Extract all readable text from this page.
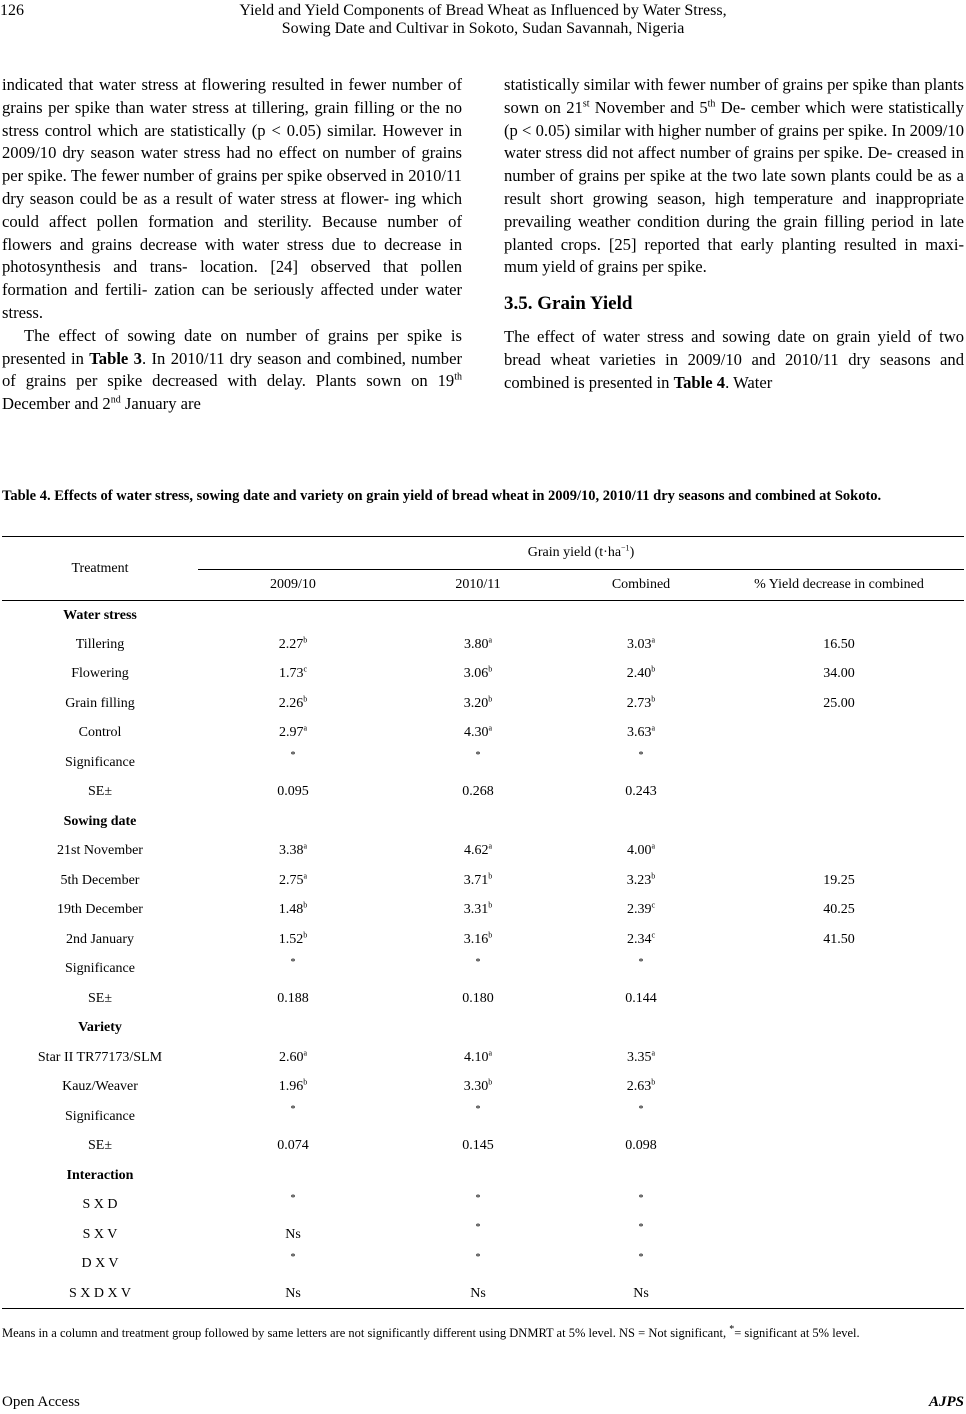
126	Yield and Yield Components of Bread Wheat as Influenced by Water Stress,
Sowing Date and Cultivar in Sokoto, Sudan Savannah, Nigeria

indicated that water stress at flowering resulted in fewer number of grains per spike than water stress at tillering, grain filling or the no stress control which are statistically (p < 0.05) similar. However in 2009/10 dry season water stress had no effect on number of grains per spike. The fewer number of grains per spike observed in 2010/11 dry season could be as a result of water stress at flower- ing which could affect pollen formation and sterility. Because number of flowers and grains decrease with water stress due to decrease in photosynthesis and trans- location. [24] observed that pollen formation and fertili- zation can be seriously affected under water stress.

The effect of sowing date on number of grains per spike is presented in Table 3. In 2010/11 dry season and combined, number of grains per spike decreased with delay. Plants sown on 19th December and 2nd January are

statistically similar with fewer number of grains per spike than plants sown on 21st November and 5th De- cember which were statistically (p < 0.05) similar with higher number of grains per spike. In 2009/10 water stress did not affect number of grains per spike. De- creased in number of grains per spike at the two late sown plants could be as a result short growing season, high temperature and inappropriate prevailing weather condition during the grain filling period in late planted crops. [25] reported that early planting resulted in maxi- mum yield of grains per spike.

3.5. Grain Yield

The effect of water stress and sowing date on grain yield of two bread wheat varieties in 2009/10 and 2010/11 dry seasons and combined is presented in Table 4. Water

Table 4. Effects of water stress, sowing date and variety on grain yield of bread wheat in 2009/10, 2010/11 dry seasons and combined at Sokoto.
Treatment	Grain yield $(t\cdot ha^{-1})$			
	2009/10	2010/11	Combined	% Yield decrease in combined
Water stress				
Tillering	2.27$^b$	3.80$^a$	3.03$^a$	16.50
Flowering	1.73$^c$	3.06$^b$	2.40$^b$	34.00
Grain filling	2.26$^b$	3.20$^b$	2.73$^b$	25.00
Control	2.97$^a$	4.30$^a$	3.63$^a$	
Significance	*	*	*	
SE±	0.095	0.268	0.243	
Sowing date				
21st November	3.38$^a$	4.62$^a$	4.00$^a$	
5th December	2.75$^a$	3.71$^b$	3.23$^b$	19.25
19th December	1.48$^b$	3.31$^b$	2.39$^c$	40.25
2nd January	1.52$^b$	3.16$^b$	2.34$^c$	41.50
Significance	*	*	*	
SE±	0.188	0.180	0.144	
Variety				
Star II TR77173/SLM	2.60$^a$	4.10$^a$	3.35$^a$	
Kauz/Weaver	1.96$^b$	3.30$^b$	2.63$^b$	
Significance	*	*	*	
SE±	0.074	0.145	0.098	
Interaction				
S X D	*	*	*	
S X V	Ns	*	*	
D X V	*	*	*	
S X D X V	Ns	Ns	Ns	
Means in a column and treatment group followed by same letters are not significantly different using DNMRT at 5% level. NS = Not significant, *= significant at 5% level.
Open Access	AJPS
